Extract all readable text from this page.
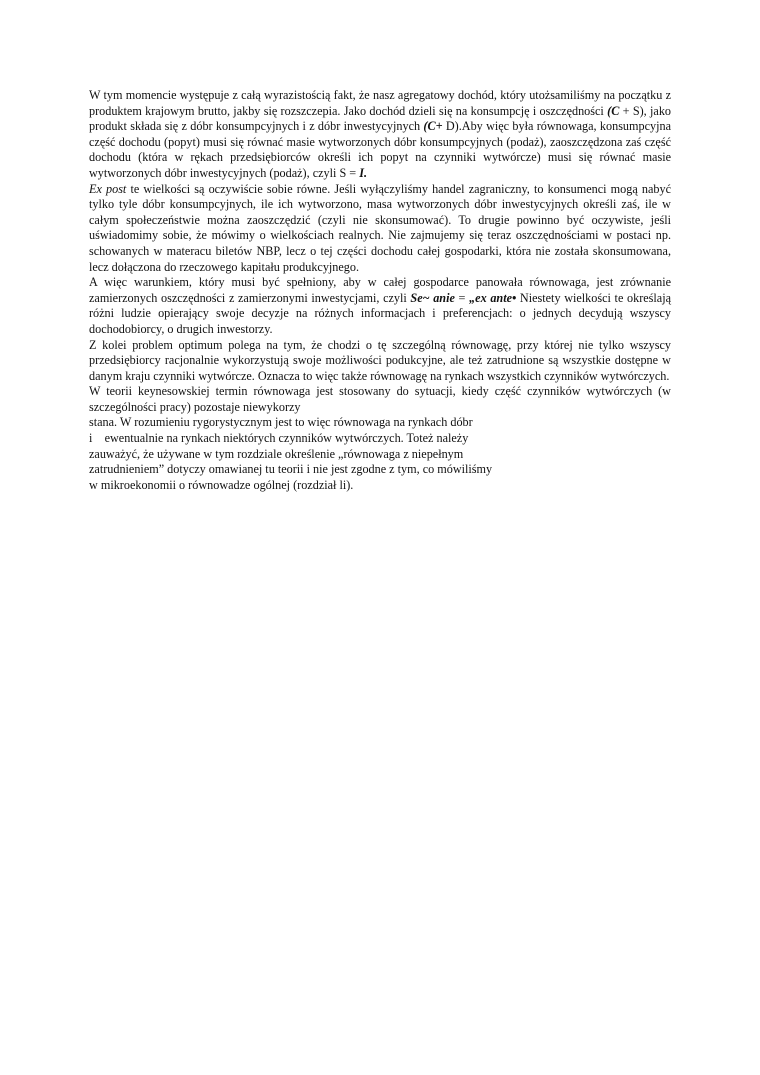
W tym momencie występuje z całą wyrazistością fakt, że nasz agregatowy dochód, który utożsamiliśmy na początku z produktem krajowym brutto, jakby się rozszczepia. Jako dochód dzieli się na konsumpcję i oszczędności (C + S), jako produkt składa się z dóbr konsumpcyjnych i z dóbr inwestycyjnych (C+ D).Aby więc była równowaga, konsumpcyjna część dochodu (popyt) musi się równać masie wytworzonych dóbr konsumpcyjnych (podaż), zaoszczędzona zaś część dochodu (która w rękach przedsiębiorców określi ich popyt na czynniki wytwórcze) musi się równać masie wytworzonych dóbr inwestycyjnych (podaż), czyli S = I.

Ex post te wielkości są oczywiście sobie równe. Jeśli wyłączyliśmy handel zagraniczny, to konsumenci mogą nabyć tylko tyle dóbr konsumpcyjnych, ile ich wytworzono, masa wytworzonych dóbr inwestycyjnych określi zaś, ile w całym społeczeństwie można zaoszczędzić (czyli nie skonsumować). To drugie powinno być oczywiste, jeśli uświadomimy sobie, że mówimy o wielkościach realnych. Nie zajmujemy się teraz oszczędnościami w postaci np. schowanych w materacu biletów NBP, lecz o tej części dochodu całej gospodarki, która nie została skonsumowana, lecz dołączona do rzeczowego kapitału produkcyjnego.

A więc warunkiem, który musi być spełniony, aby w całej gospodarce panowała równowaga, jest zrównanie zamierzonych oszczędności z zamierzonymi inwestycjami, czyli Se~ anie = „ex ante• Niestety wielkości te określają różni ludzie opierający swoje decyzje na różnych informacjach i preferencjach: o jednych decydują wszyscy dochodobiorcy, o drugich inwestorzy.

Z kolei problem optimum polega na tym, że chodzi o tę szczególną równowagę, przy której nie tylko wszyscy przedsiębiorcy racjonalnie wykorzystują swoje możliwości podukcyjne, ale też zatrudnione są wszystkie dostępne w danym kraju czynniki wytwórcze. Oznacza to więc także równowagę na rynkach wszystkich czynników wytwórczych.

W teorii keynesowskiej termin równowaga jest stosowany do sytuacji, kiedy część czynników wytwórczych (w szczególności pracy) pozostaje niewykorzy

stana. W rozumieniu rygorystycznym jest to więc równowaga na rynkach dóbr
i    ewentualnie na rynkach niektórych czynników wytwórczych. Toteż należy
zauważyć, że używane w tym rozdziale określenie „równowaga z niepełnym
zatrudnieniem” dotyczy omawianej tu teorii i nie jest zgodne z tym, co mówiliśmy
w mikroekonomii o równowadze ogólnej (rozdział li).
